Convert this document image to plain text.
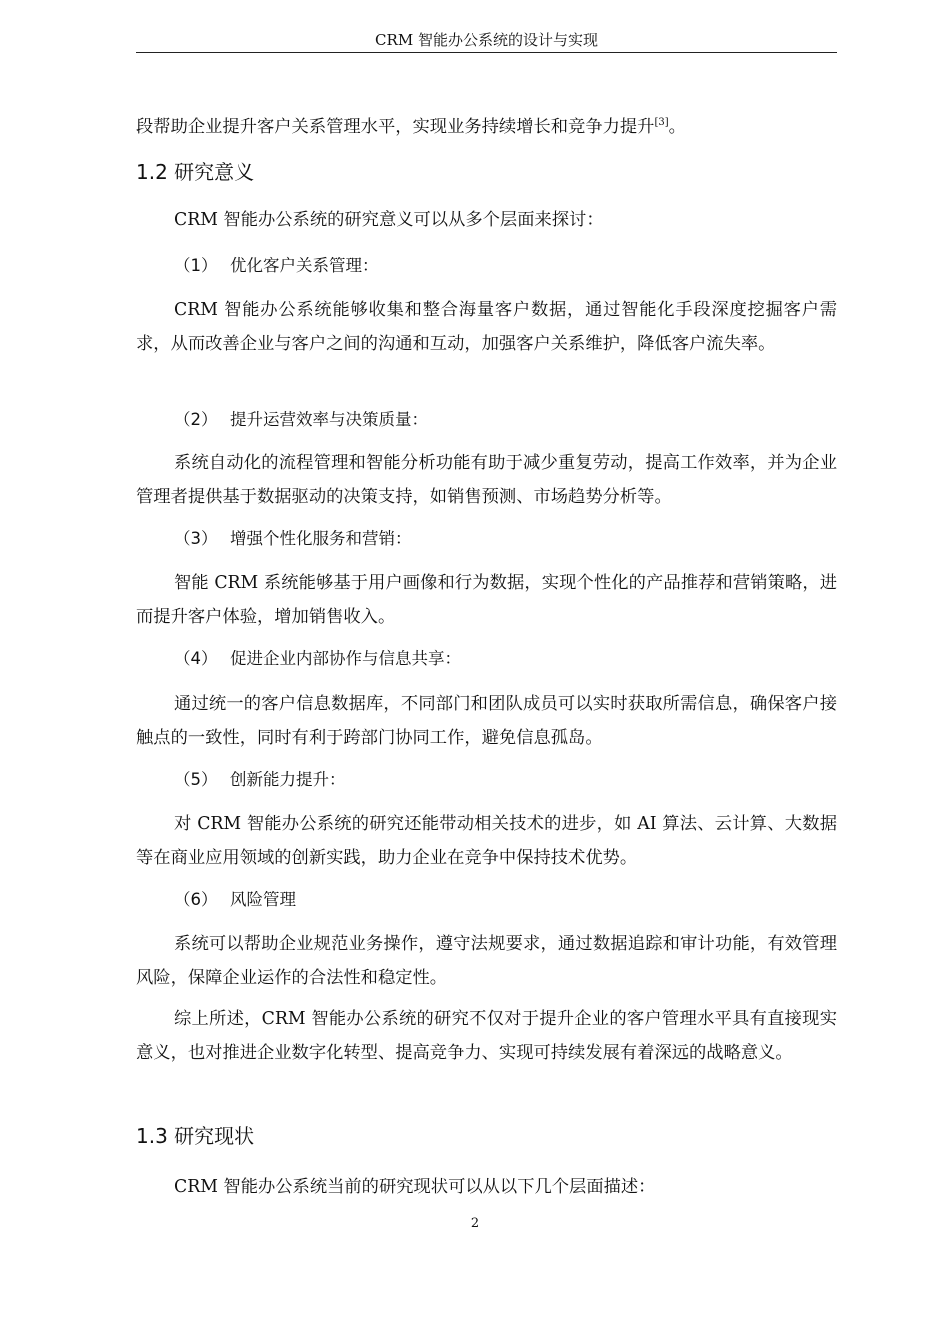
CRM 智能办公系统的设计与实现

段帮助企业提升客户关系管理水平，实现业务持续增长和竞争力提升[3]。

1.2 研究意义

CRM 智能办公系统的研究意义可以从多个层面来探讨：

（1） 优化客户关系管理：

CRM 智能办公系统能够收集和整合海量客户数据，通过智能化手段深度挖掘客户需求，从而改善企业与客户之间的沟通和互动，加强客户关系维护，降低客户流失率。

（2） 提升运营效率与决策质量：

系统自动化的流程管理和智能分析功能有助于减少重复劳动，提高工作效率，并为企业管理者提供基于数据驱动的决策支持，如销售预测、市场趋势分析等。

（3） 增强个性化服务和营销：

智能 CRM 系统能够基于用户画像和行为数据，实现个性化的产品推荐和营销策略，进而提升客户体验，增加销售收入。

（4） 促进企业内部协作与信息共享：

通过统一的客户信息数据库，不同部门和团队成员可以实时获取所需信息，确保客户接触点的一致性，同时有利于跨部门协同工作，避免信息孤岛。

（5） 创新能力提升：

对 CRM 智能办公系统的研究还能带动相关技术的进步，如 AI 算法、云计算、大数据等在商业应用领域的创新实践，助力企业在竞争中保持技术优势。

（6） 风险管理

系统可以帮助企业规范业务操作，遵守法规要求，通过数据追踪和审计功能，有效管理风险，保障企业运作的合法性和稳定性。

综上所述，CRM 智能办公系统的研究不仅对于提升企业的客户管理水平具有直接现实意义，也对推进企业数字化转型、提高竞争力、实现可持续发展有着深远的战略意义。

1.3 研究现状

CRM 智能办公系统当前的研究现状可以从以下几个层面描述：

2
